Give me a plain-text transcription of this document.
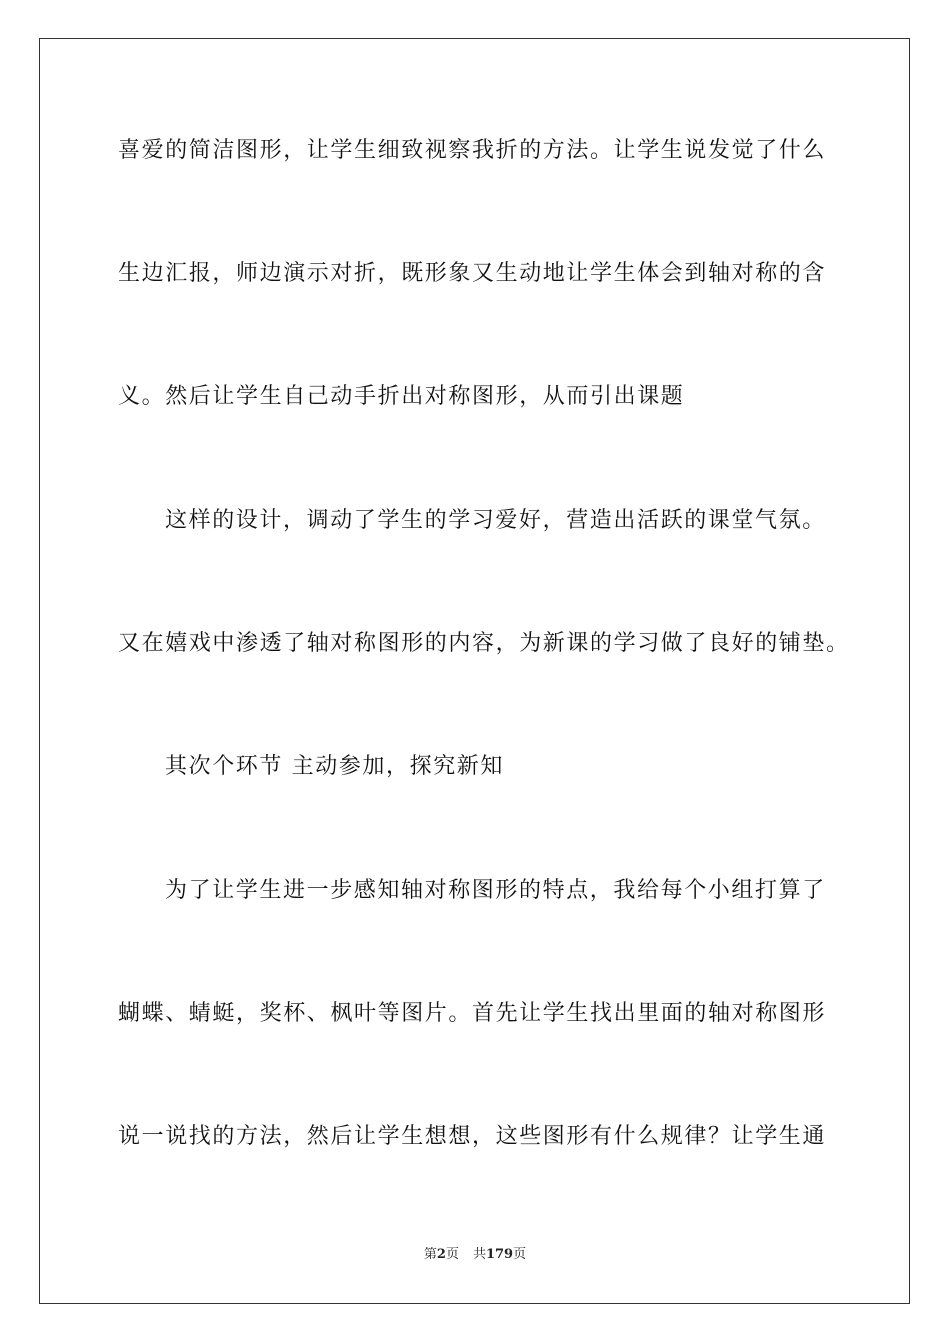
喜爱的简洁图形，让学生细致视察我折的方法。让学生说发觉了什么
生边汇报，师边演示对折，既形象又生动地让学生体会到轴对称的含
义。然后让学生自己动手折出对称图形，从而引出课题
这样的设计，调动了学生的学习爱好，营造出活跃的课堂气氛。
又在嬉戏中渗透了轴对称图形的内容，为新课的学习做了良好的铺垫。
其次个环节 主动参加，探究新知
为了让学生进一步感知轴对称图形的特点，我给每个小组打算了
蝴蝶、蜻蜓，奖杯、枫叶等图片。首先让学生找出里面的轴对称图形
说一说找的方法，然后让学生想想，这些图形有什么规律？让学生通
第2页 共179页
